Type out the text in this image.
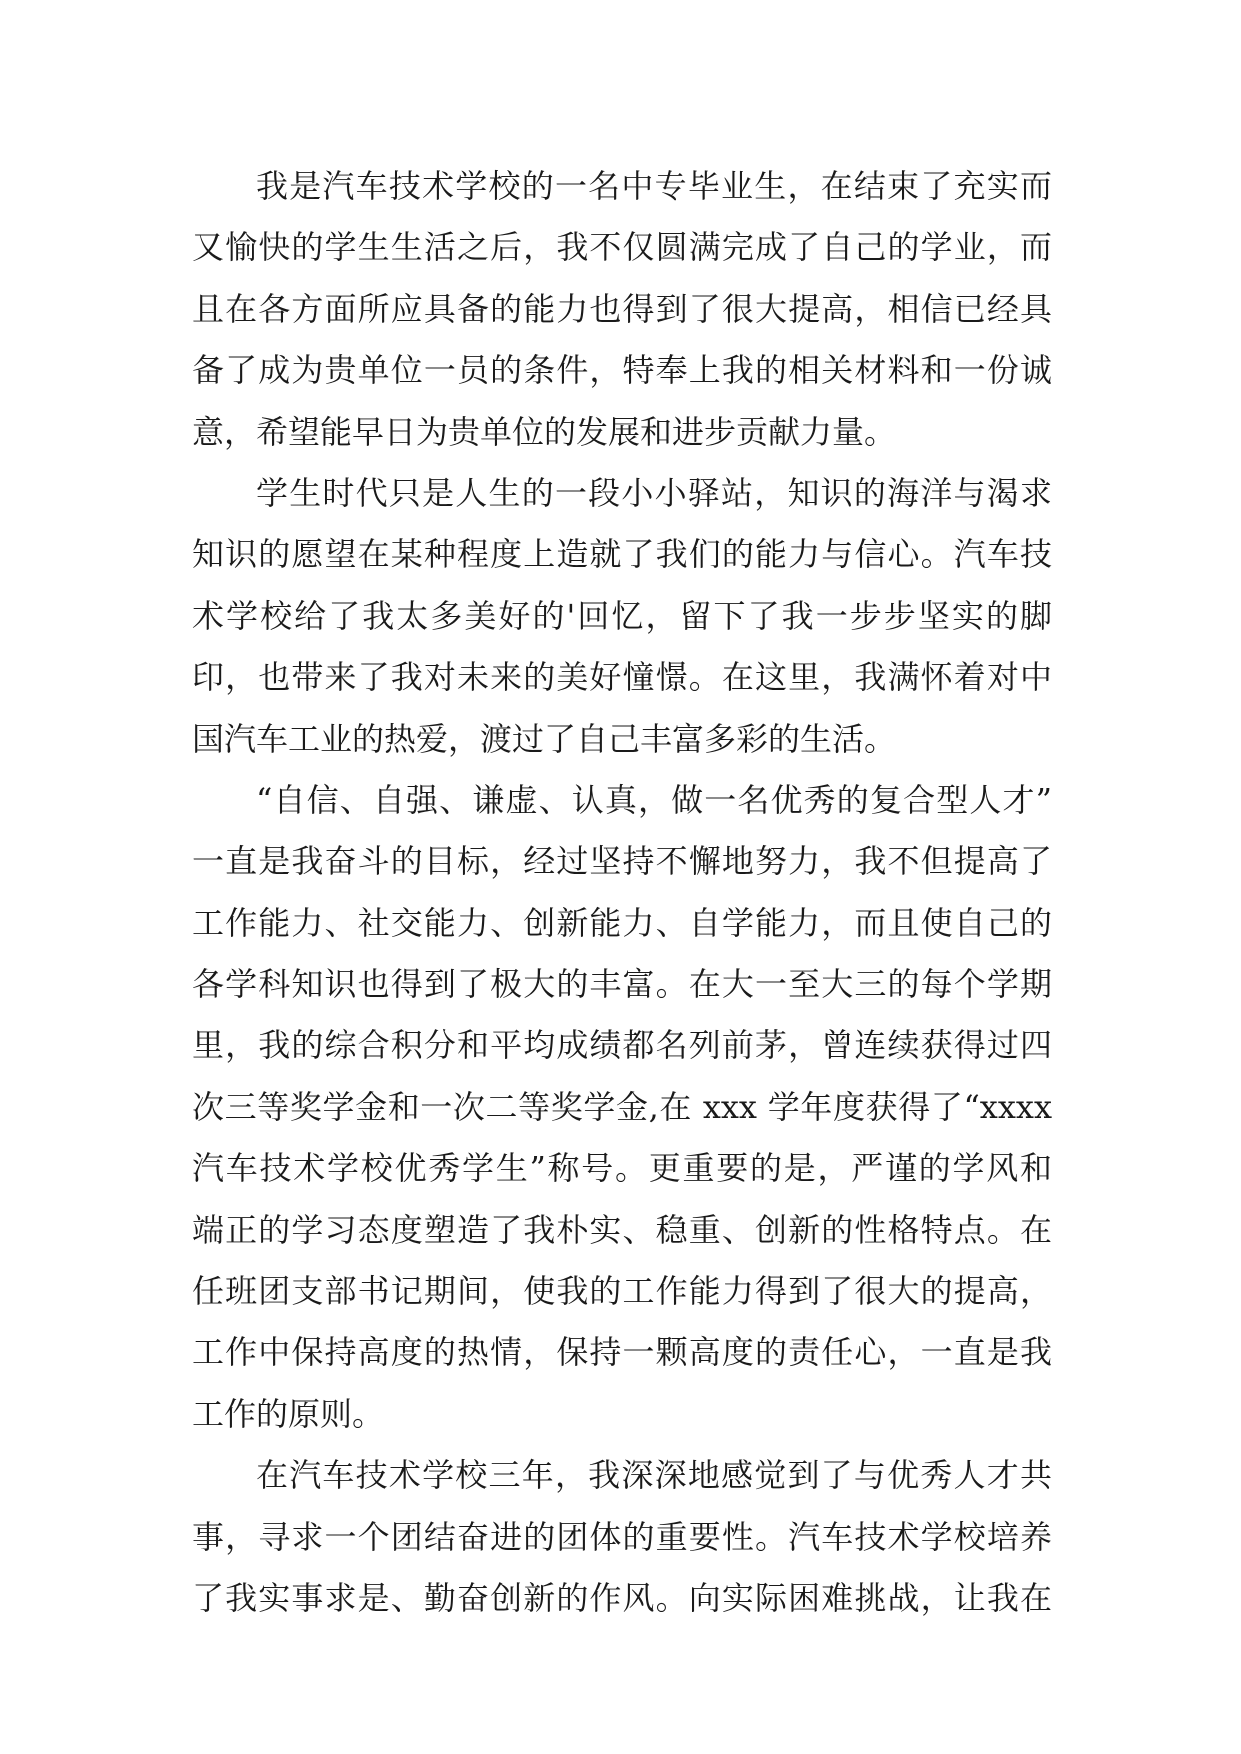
我是汽车技术学校的一名中专毕业生，在结束了充实而
又愉快的学生生活之后，我不仅圆满完成了自己的学业，而
且在各方面所应具备的能力也得到了很大提高，相信已经具
备了成为贵单位一员的条件，特奉上我的相关材料和一份诚
意，希望能早日为贵单位的发展和进步贡献力量。
学生时代只是人生的一段小小驿站，知识的海洋与渴求
知识的愿望在某种程度上造就了我们的能力与信心。汽车技
术学校给了我太多美好的'回忆，留下了我一步步坚实的脚
印，也带来了我对未来的美好憧憬。在这里，我满怀着对中
国汽车工业的热爱，渡过了自己丰富多彩的生活。
“自信、自强、谦虚、认真，做一名优秀的复合型人才”
一直是我奋斗的目标，经过坚持不懈地努力，我不但提高了
工作能力、社交能力、创新能力、自学能力，而且使自己的
各学科知识也得到了极大的丰富。在大一至大三的每个学期
里，我的综合积分和平均成绩都名列前茅，曾连续获得过四
次三等奖学金和一次二等奖学金,在 xxx 学年度获得了“xxxx
汽车技术学校优秀学生”称号。更重要的是，严谨的学风和
端正的学习态度塑造了我朴实、稳重、创新的性格特点。在
任班团支部书记期间，使我的工作能力得到了很大的提高，
工作中保持高度的热情，保持一颗高度的责任心，一直是我
工作的原则。
在汽车技术学校三年，我深深地感觉到了与优秀人才共
事，寻求一个团结奋进的团体的重要性。汽车技术学校培养
了我实事求是、勤奋创新的作风。向实际困难挑战，让我在
